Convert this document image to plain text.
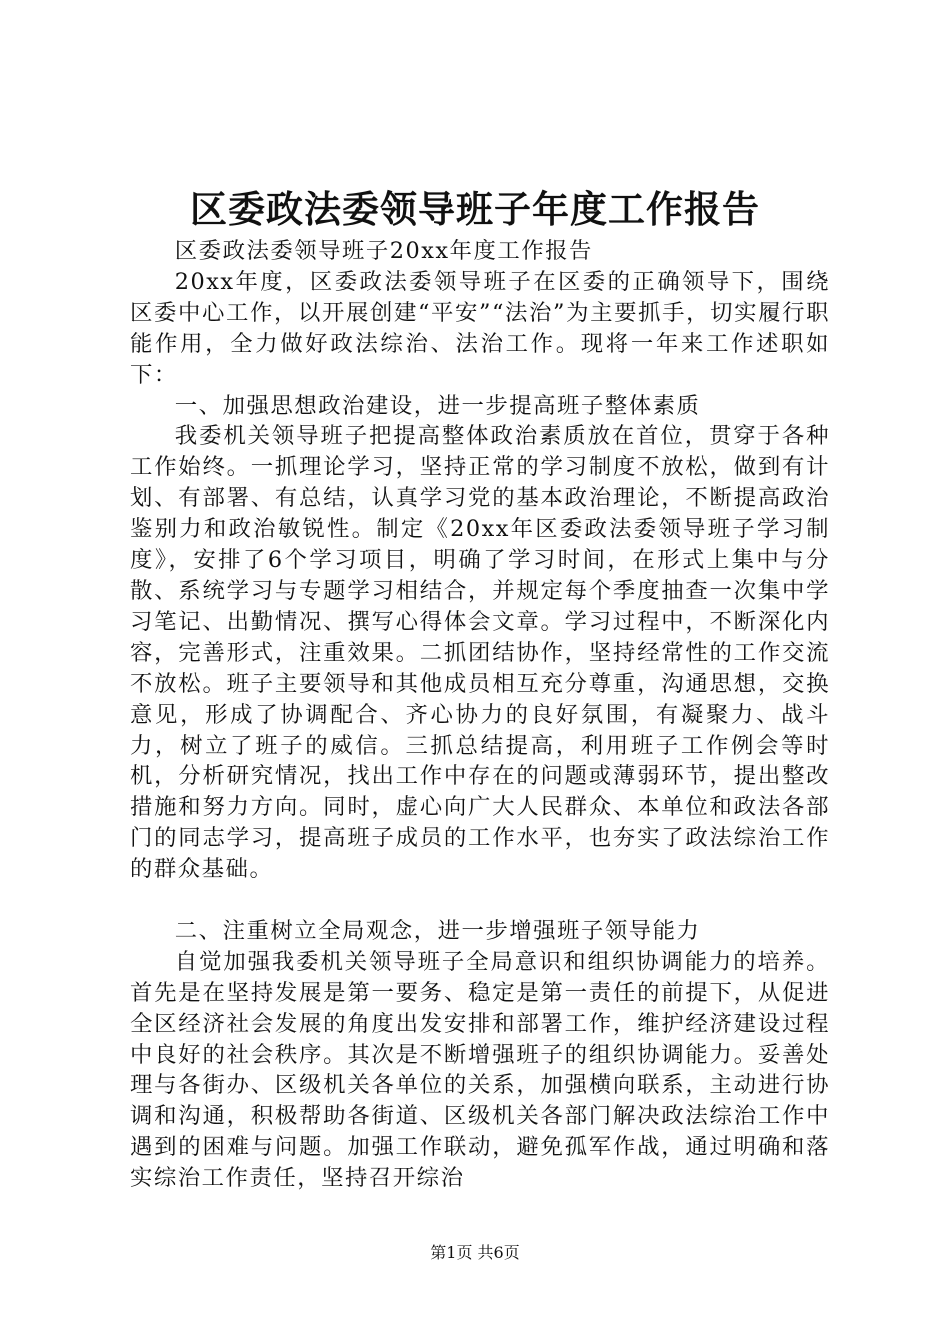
区委政法委领导班子年度工作报告

区委政法委领导班子20xx年度工作报告

20xx年度，区委政法委领导班子在区委的正确领导下，围绕区委中心工作，以开展创建“平安”“法治”为主要抓手，切实履行职能作用，全力做好政法综治、法治工作。现将一年来工作述职如下：

一、加强思想政治建设，进一步提高班子整体素质

我委机关领导班子把提高整体政治素质放在首位，贯穿于各种工作始终。一抓理论学习，坚持正常的学习制度不放松，做到有计划、有部署、有总结，认真学习党的基本政治理论，不断提高政治鉴别力和政治敏锐性。制定《20xx年区委政法委领导班子学习制度》，安排了6个学习项目，明确了学习时间，在形式上集中与分散、系统学习与专题学习相结合，并规定每个季度抽查一次集中学习笔记、出勤情况、撰写心得体会文章。学习过程中，不断深化内容，完善形式，注重效果。二抓团结协作，坚持经常性的工作交流不放松。班子主要领导和其他成员相互充分尊重，沟通思想，交换意见，形成了协调配合、齐心协力的良好氛围，有凝聚力、战斗力，树立了班子的威信。三抓总结提高，利用班子工作例会等时机，分析研究情况，找出工作中存在的问题或薄弱环节，提出整改措施和努力方向。同时，虚心向广大人民群众、本单位和政法各部门的同志学习，提高班子成员的工作水平，也夯实了政法综治工作的群众基础。

二、注重树立全局观念，进一步增强班子领导能力

自觉加强我委机关领导班子全局意识和组织协调能力的培养。首先是在坚持发展是第一要务、稳定是第一责任的前提下，从促进全区经济社会发展的角度出发安排和部署工作，维护经济建设过程中良好的社会秩序。其次是不断增强班子的组织协调能力。妥善处理与各街办、区级机关各单位的关系，加强横向联系，主动进行协调和沟通，积极帮助各街道、区级机关各部门解决政法综治工作中遇到的困难与问题。加强工作联动，避免孤军作战，通过明确和落实综治工作责任，坚持召开综治

第1页 共6页
